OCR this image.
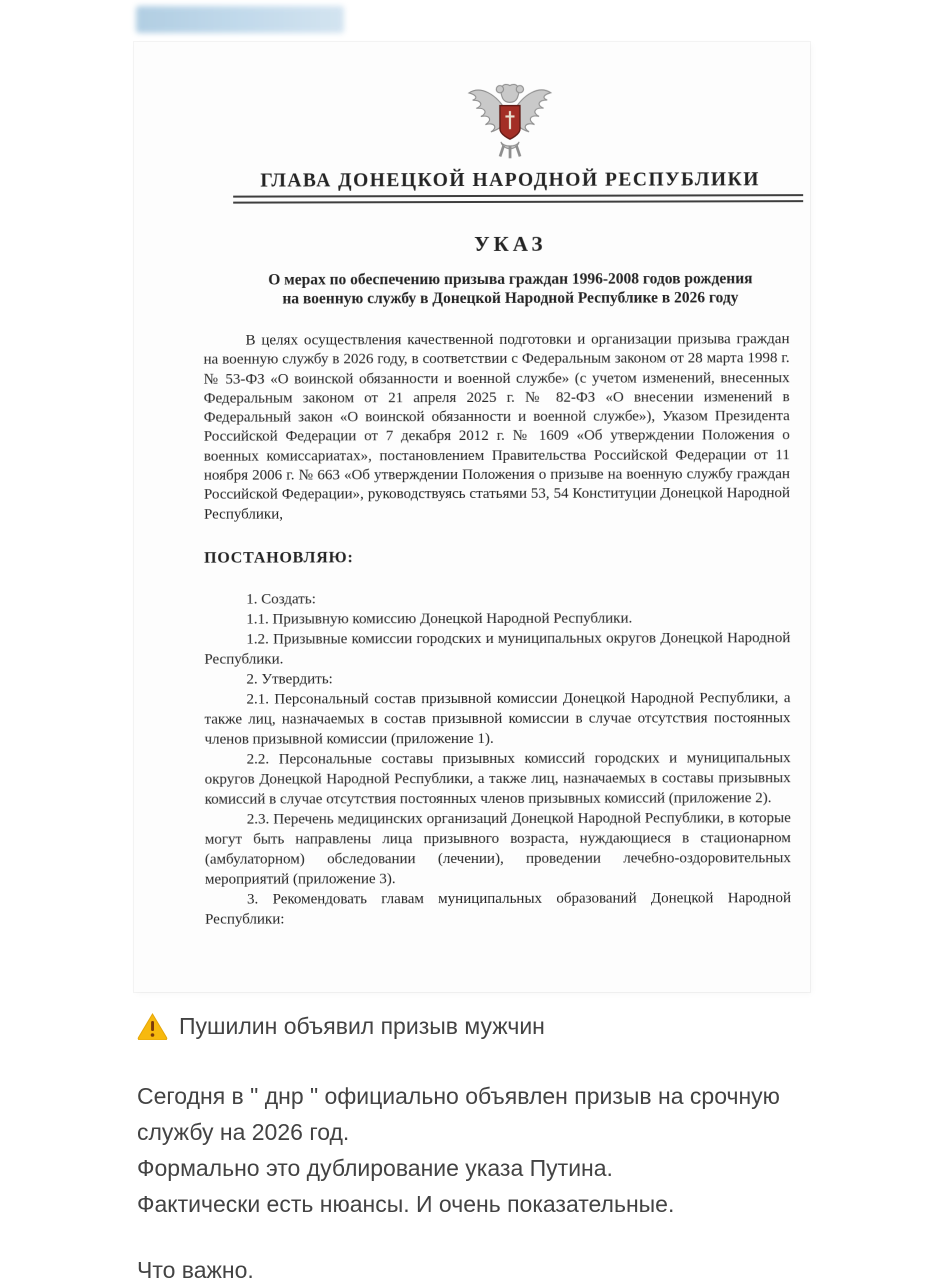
ГЛАВА ДОНЕЦКОЙ НАРОДНОЙ РЕСПУБЛИКИ
УКАЗ
О мерах по обеспечению призыва граждан 1996-2008 годов рождения
на военную службу в Донецкой Народной Республике в 2026 году

В целях осуществления качественной подготовки и организации призыва граждан на военную службу в 2026 году, в соответствии с Федеральным законом от 28 марта 1998 г. № 53-ФЗ «О воинской обязанности и военной службе» (с учетом изменений, внесенных Федеральным законом от 21 апреля 2025 г. № 82-ФЗ «О внесении изменений в Федеральный закон «О воинской обязанности и военной службе»), Указом Президента Российской Федерации от 7 декабря 2012 г. № 1609 «Об утверждении Положения о военных комиссариатах», постановлением Правительства Российской Федерации от 11 ноября 2006 г. № 663 «Об утверждении Положения о призыве на военную службу граждан Российской Федерации», руководствуясь статьями 53, 54 Конституции Донецкой Народной Республики,

ПОСТАНОВЛЯЮ:

1. Создать:

1.1. Призывную комиссию Донецкой Народной Республики.

1.2. Призывные комиссии городских и муниципальных округов Донецкой Народной Республики.

2. Утвердить:

2.1. Персональный состав призывной комиссии Донецкой Народной Республики, а также лиц, назначаемых в состав призывной комиссии в случае отсутствия постоянных членов призывной комиссии (приложение 1).

2.2. Персональные составы призывных комиссий городских и муниципальных округов Донецкой Народной Республики, а также лиц, назначаемых в составы призывных комиссий в случае отсутствия постоянных членов призывных комиссий (приложение 2).

2.3. Перечень медицинских организаций Донецкой Народной Республики, в которые могут быть направлены лица призывного возраста, нуждающиеся в стационарном (амбулаторном) обследовании (лечении), проведении лечебно-оздоровительных мероприятий (приложение 3).

3. Рекомендовать главам муниципальных образований Донецкой Народной Республики:

Пушилин объявил призыв мужчин

Сегодня в " днр " официально объявлен призыв на срочную службу на 2026 год.

Формально это дублирование указа Путина.

Фактически есть нюансы. И очень показательные.

Что важно.
